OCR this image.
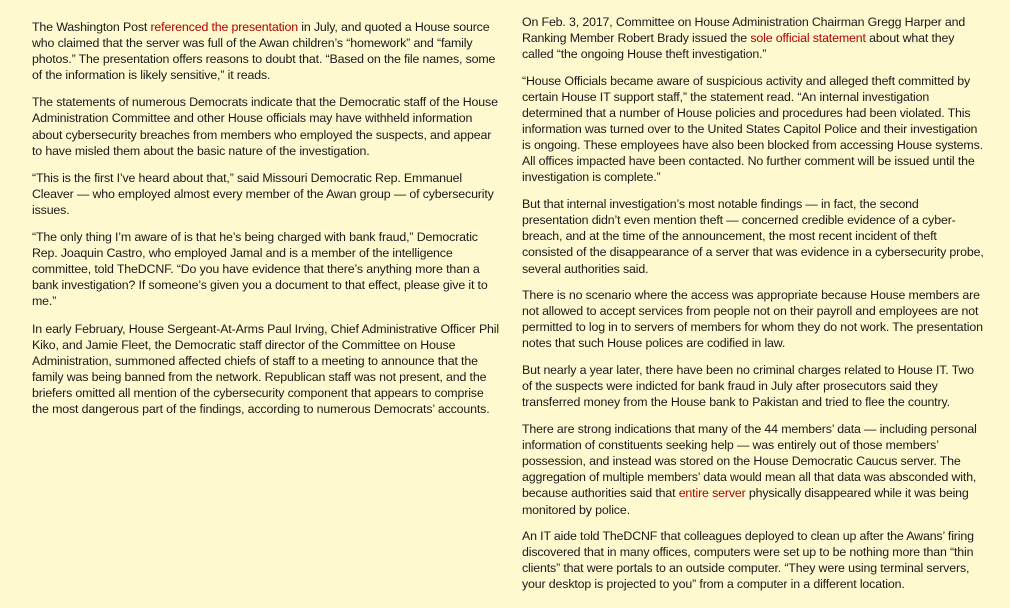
The Washington Post referenced the presentation in July, and quoted a House source who claimed that the server was full of the Awan children’s “homework” and “family photos.” The presentation offers reasons to doubt that. “Based on the file names, some of the information is likely sensitive,” it reads.

The statements of numerous Democrats indicate that the Democratic staff of the House Administration Committee and other House officials may have withheld information about cybersecurity breaches from members who employed the suspects, and appear to have misled them about the basic nature of the investigation.

“This is the first I’ve heard about that,” said Missouri Democratic Rep. Emmanuel Cleaver — who employed almost every member of the Awan group — of cybersecurity issues.

“The only thing I’m aware of is that he’s being charged with bank fraud,” Democratic Rep. Joaquin Castro, who employed Jamal and is a member of the intelligence committee, told TheDCNF. “Do you have evidence that there’s anything more than a bank investigation? If someone’s given you a document to that effect, please give it to me.”

In early February, House Sergeant-At-Arms Paul Irving, Chief Administrative Officer Phil Kiko, and Jamie Fleet, the Democratic staff director of the Committee on House Administration, summoned affected chiefs of staff to a meeting to announce that the family was being banned from the network. Republican staff was not present, and the briefers omitted all mention of the cybersecurity component that appears to comprise the most dangerous part of the findings, according to numerous Democrats’ accounts.

On Feb. 3, 2017, Committee on House Administration Chairman Gregg Harper and Ranking Member Robert Brady issued the sole official statement about what they called “the ongoing House theft investigation.”

“House Officials became aware of suspicious activity and alleged theft committed by certain House IT support staff,” the statement read. “An internal investigation determined that a number of House policies and procedures had been violated. This information was turned over to the United States Capitol Police and their investigation is ongoing. These employees have also been blocked from accessing House systems. All offices impacted have been contacted. No further comment will be issued until the investigation is complete.”

But that internal investigation’s most notable findings — in fact, the second presentation didn’t even mention theft — concerned credible evidence of a cyber-breach, and at the time of the announcement, the most recent incident of theft consisted of the disappearance of a server that was evidence in a cybersecurity probe, several authorities said.

There is no scenario where the access was appropriate because House members are not allowed to accept services from people not on their payroll and employees are not permitted to log in to servers of members for whom they do not work. The presentation notes that such House polices are codified in law.

But nearly a year later, there have been no criminal charges related to House IT. Two of the suspects were indicted for bank fraud in July after prosecutors said they transferred money from the House bank to Pakistan and tried to flee the country.

There are strong indications that many of the 44 members’ data — including personal information of constituents seeking help — was entirely out of those members’ possession, and instead was stored on the House Democratic Caucus server. The aggregation of multiple members’ data would mean all that data was absconded with, because authorities said that entire server physically disappeared while it was being monitored by police.

An IT aide told TheDCNF that colleagues deployed to clean up after the Awans’ firing discovered that in many offices, computers were set up to be nothing more than “thin clients” that were portals to an outside computer. “They were using terminal servers, your desktop is projected to you” from a computer in a different location.
